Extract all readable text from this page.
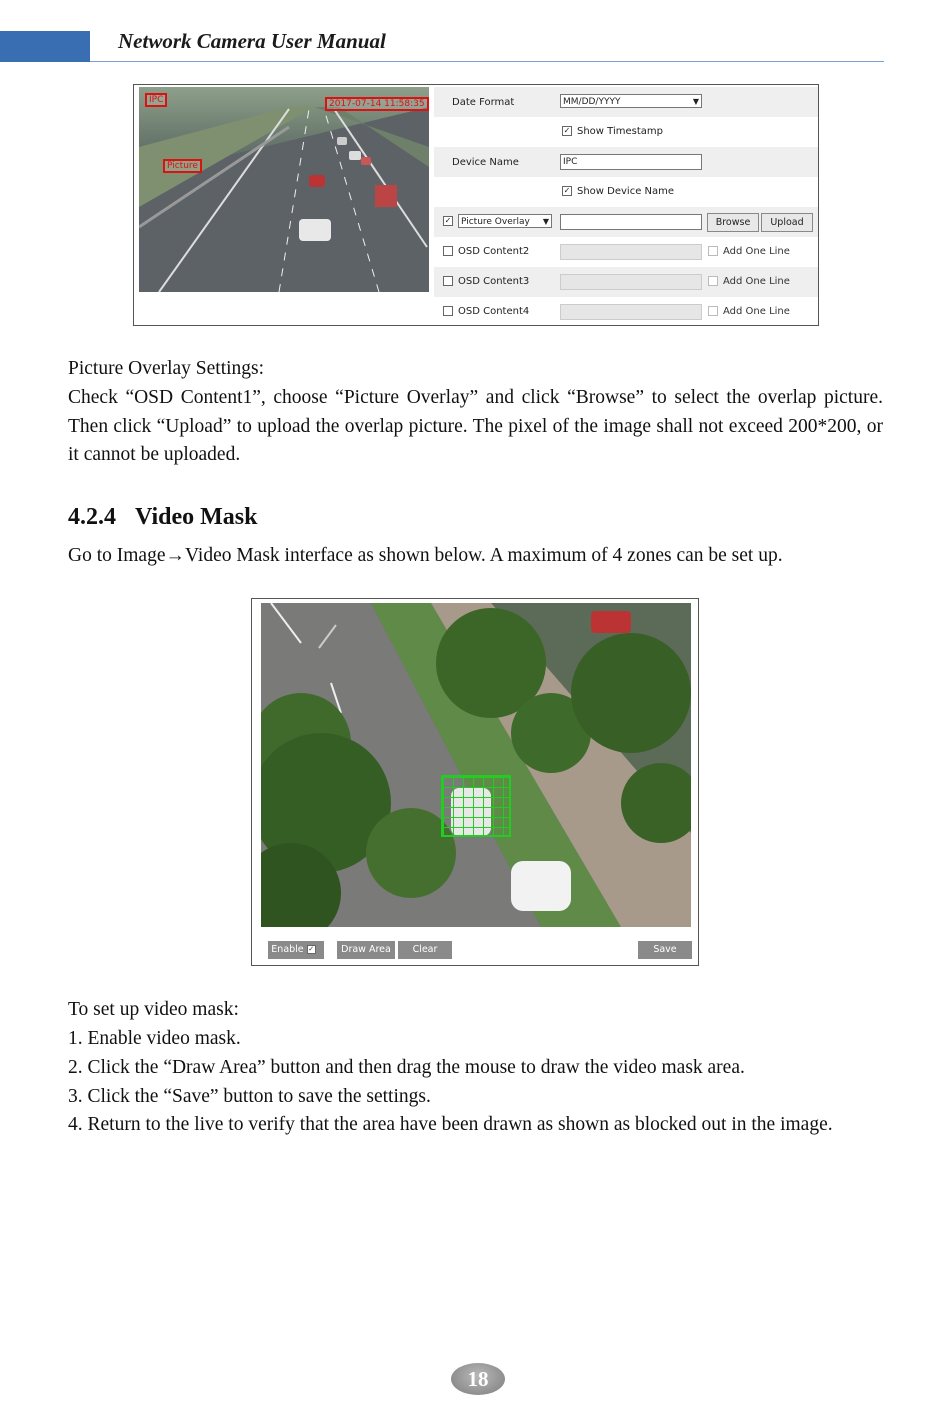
Network Camera User Manual
IPC	2017-07-14 11:58:35
Picture
Date Format	MM/DD/YYYY	▼
✓ Show Timestamp
Device Name	IPC
✓ Show Device Name
✓	Picture Overlay ▼	Browse	Upload
OSD Content2	Add One Line
OSD Content3	Add One Line
OSD Content4	Add One Line
Picture Overlay Settings:
Check “OSD Content1”, choose “Picture Overlay” and click “Browse” to select the overlap picture. Then click “Upload” to upload the overlap picture. The pixel of the image shall not exceed 200*200, or it cannot be uploaded.
4.2.4 Video Mask
Go to Image→Video Mask interface as shown below. A maximum of 4 zones can be set up.
Enable ✓	Draw Area	Clear	Save
To set up video mask:
1. Enable video mask.
2. Click the “Draw Area” button and then drag the mouse to draw the video mask area.
3. Click the “Save” button to save the settings.
4. Return to the live to verify that the area have been drawn as shown as blocked out in the image.
18
